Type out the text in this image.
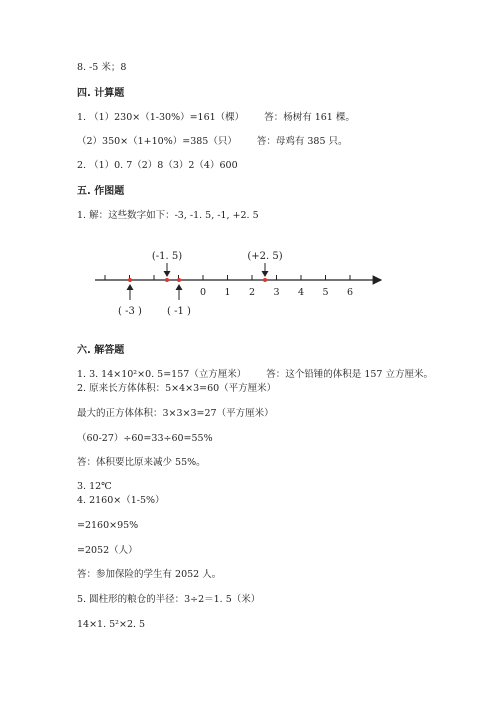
8. -5 米；8
四. 计算题
1. （1）230×（1-30%）=161（棵） 答：杨树有 161 棵。
（2）350×（1+10%）=385（只） 答：母鸡有 385 只。
2. （1）0. 7（2）8（3）2（4）600
五. 作图题
1. 解：这些数字如下：-3, -1. 5, -1, +2. 5
0 1 2 3 4 5 6
(-1. 5)	(+2. 5)
( -3 )	( -1 )
六. 解答题
1. 3. 14×10²×0. 5=157（立方厘米） 答：这个铅锤的体积是 157 立方厘米。
2. 原来长方体体积：5×4×3=60（平方厘米）
最大的正方体体积：3×3×3=27（平方厘米）
（60-27）÷60=33÷60=55%
答：体积要比原来减少 55%。
3. 12℃
4. 2160×（1-5%）
=2160×95%
=2052（人）
答：参加保险的学生有 2052 人。
5. 圆柱形的粮仓的半径：3÷2＝1. 5（米）
14×1. 5²×2. 5
